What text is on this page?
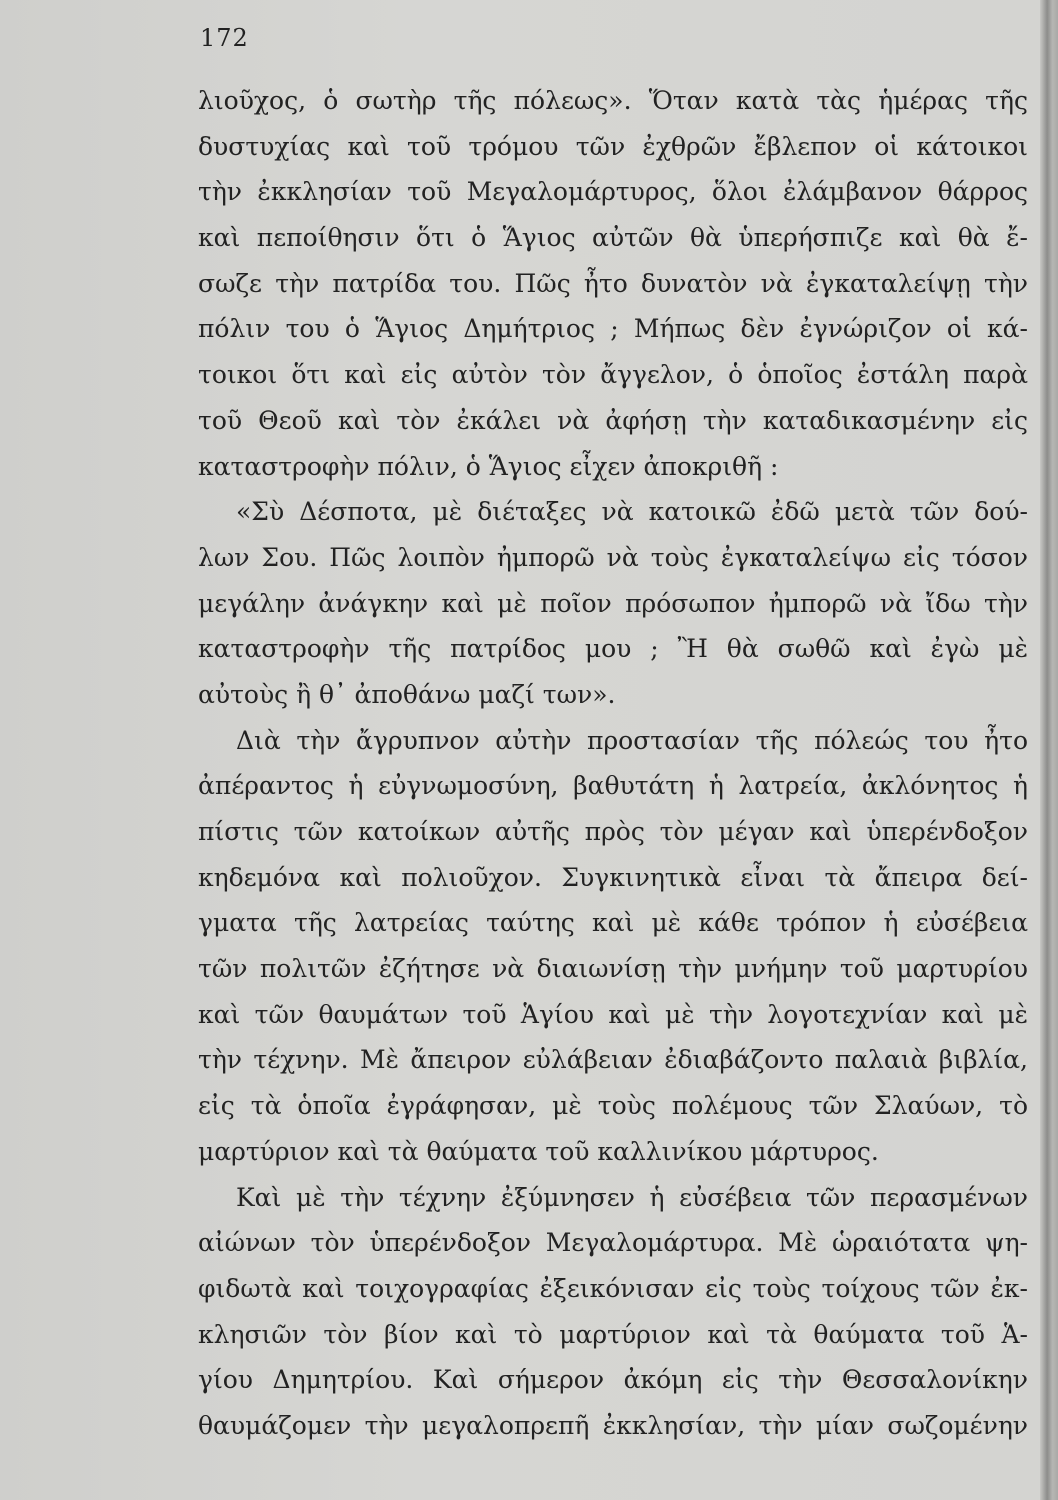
172
λιοῦχος, ὁ σωτὴρ τῆς πόλεως». Ὅταν κατὰ τὰς ἡμέρας τῆς
δυστυχίας καὶ τοῦ τρόμου τῶν ἐχθρῶν ἔβλεπον οἱ κάτοικοι
τὴν ἐκκλησίαν τοῦ Μεγαλομάρτυρος, ὅλοι ἐλάμβανον θάρρος
καὶ πεποίθησιν ὅτι ὁ Ἅγιος αὐτῶν θὰ ὑπερήσπιζε καὶ θὰ ἔ-
σωζε τὴν πατρίδα του. Πῶς ἦτο δυνατὸν νὰ ἐγκαταλείψῃ τὴν
πόλιν του ὁ Ἅγιος Δημήτριος ; Μήπως δὲν ἐγνώριζον οἱ κά-
τοικοι ὅτι καὶ εἰς αὐτὸν τὸν ἄγγελον, ὁ ὁποῖος ἐστάλη παρὰ
τοῦ Θεοῦ καὶ τὸν ἐκάλει νὰ ἀφήσῃ τὴν καταδικασμένην εἰς
καταστροφὴν πόλιν, ὁ Ἅγιος εἶχεν ἀποκριθῆ :
«Σὺ Δέσποτα, μὲ διέταξες νὰ κατοικῶ ἐδῶ μετὰ τῶν δού-
λων Σου. Πῶς λοιπὸν ἠμπορῶ νὰ τοὺς ἐγκαταλείψω εἰς τόσον
μεγάλην ἀνάγκην καὶ μὲ ποῖον πρόσωπον ἠμπορῶ νὰ ἴδω τὴν
καταστροφὴν τῆς πατρίδος μου ; Ἢ θὰ σωθῶ καὶ ἐγὼ μὲ
αὐτοὺς ἢ θ᾿ ἀποθάνω μαζί των».
Διὰ τὴν ἄγρυπνον αὐτὴν προστασίαν τῆς πόλεώς του ἦτο
ἀπέραντος ἡ εὐγνωμοσύνη, βαθυτάτη ἡ λατρεία, ἀκλόνητος ἡ
πίστις τῶν κατοίκων αὐτῆς πρὸς τὸν μέγαν καὶ ὑπερένδοξον
κηδεμόνα καὶ πολιοῦχον. Συγκινητικὰ εἶναι τὰ ἄπειρα δεί-
γματα τῆς λατρείας ταύτης καὶ μὲ κάθε τρόπον ἡ εὐσέβεια
τῶν πολιτῶν ἐζήτησε νὰ διαιωνίσῃ τὴν μνήμην τοῦ μαρτυρίου
καὶ τῶν θαυμάτων τοῦ Ἁγίου καὶ μὲ τὴν λογοτεχνίαν καὶ μὲ
τὴν τέχνην. Μὲ ἄπειρον εὐλάβειαν ἐδιαβάζοντο παλαιὰ βιβλία,
εἰς τὰ ὁποῖα ἐγράφησαν, μὲ τοὺς πολέμους τῶν Σλαύων, τὸ
μαρτύριον καὶ τὰ θαύματα τοῦ καλλινίκου μάρτυρος.
Καὶ μὲ τὴν τέχνην ἐξύμνησεν ἡ εὐσέβεια τῶν περασμένων
αἰώνων τὸν ὑπερένδοξον Μεγαλομάρτυρα. Μὲ ὡραιότατα ψη-
φιδωτὰ καὶ τοιχογραφίας ἐξεικόνισαν εἰς τοὺς τοίχους τῶν ἐκ-
κλησιῶν τὸν βίον καὶ τὸ μαρτύριον καὶ τὰ θαύματα τοῦ Ἁ-
γίου Δημητρίου. Καὶ σήμερον ἀκόμη εἰς τὴν Θεσσαλονίκην
θαυμάζομεν τὴν μεγαλοπρεπῆ ἐκκλησίαν, τὴν μίαν σωζομένην
